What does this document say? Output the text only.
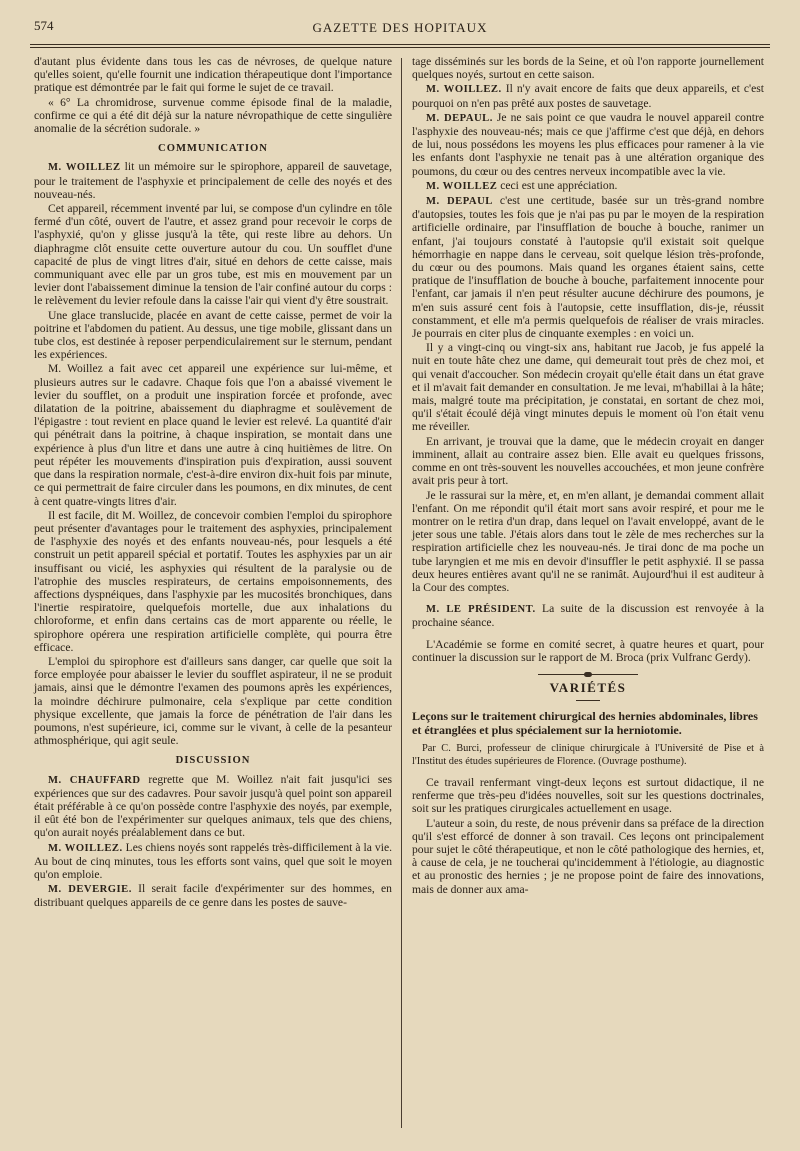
574	GAZETTE DES HOPITAUX

d'autant plus évidente dans tous les cas de névroses, de quelque nature qu'elles soient, qu'elle fournit une indication thérapeutique dont l'importance pratique est démontrée par le fait qui forme le sujet de ce travail.

« 6° La chromidrose, survenue comme épisode final de la maladie, confirme ce qui a été dit déjà sur la nature névropathique de cette singulière anomalie de la sécrétion sudorale. »

COMMUNICATION

M. WOILLEZ lit un mémoire sur le spirophore, appareil de sauvetage, pour le traitement de l'asphyxie et principalement de celle des noyés et des nouveau-nés.

Cet appareil, récemment inventé par lui, se compose d'un cylindre en tôle fermé d'un côté, ouvert de l'autre, et assez grand pour recevoir le corps de l'asphyxié, qu'on y glisse jusqu'à la tête, qui reste libre au dehors. Un diaphragme clôt ensuite cette ouverture autour du cou. Un soufflet d'une capacité de plus de vingt litres d'air, situé en dehors de cette caisse, mais communiquant avec elle par un gros tube, est mis en mouvement par un levier dont l'abaissement diminue la tension de l'air confiné autour du corps : le relèvement du levier refoule dans la caisse l'air qui vient d'y être soustrait.

Une glace translucide, placée en avant de cette caisse, permet de voir la poitrine et l'abdomen du patient. Au dessus, une tige mobile, glissant dans un tube clos, est destinée à reposer perpendiculairement sur le sternum, pendant les expériences.

M. Woillez a fait avec cet appareil une expérience sur lui-même, et plusieurs autres sur le cadavre. Chaque fois que l'on a abaissé vivement le levier du soufflet, on a produit une inspiration forcée et profonde, avec dilatation de la poitrine, abaissement du diaphragme et soulèvement de l'épigastre : tout revient en place quand le levier est relevé. La quantité d'air qui pénétrait dans la poitrine, à chaque inspiration, se montait dans une expérience à plus d'un litre et dans une autre à cinq huitièmes de litre. On peut répéter les mouvements d'inspiration puis d'expiration, aussi souvent que dans la respiration normale, c'est-à-dire environ dix-huit fois par minute, ce qui permettrait de faire circuler dans les poumons, en dix minutes, de cent à cent quatre-vingts litres d'air.

Il est facile, dit M. Woillez, de concevoir combien l'emploi du spirophore peut présenter d'avantages pour le traitement des asphyxies, principalement de l'asphyxie des noyés et des enfants nouveau-nés, pour lesquels a été construit un petit appareil spécial et portatif. Toutes les asphyxies par un air insuffisant ou vicié, les asphyxies qui résultent de la paralysie ou de l'atrophie des muscles respirateurs, de certains empoisonnements, des affections dyspnéiques, dans l'asphyxie par les mucosités bronchiques, dans l'inertie respiratoire, quelquefois mortelle, due aux inhalations du chloroforme, et enfin dans certains cas de mort apparente ou réelle, le spirophore opérera une respiration artificielle complète, qui pourra être efficace.

L'emploi du spirophore est d'ailleurs sans danger, car quelle que soit la force employée pour abaisser le levier du soufflet aspirateur, il ne se produit jamais, ainsi que le démontre l'examen des poumons après les expériences, la moindre déchirure pulmonaire, cela s'explique par cette condition physique excellente, que jamais la force de pénétration de l'air dans les poumons, n'est supérieure, ici, comme sur le vivant, à celle de la pesanteur athmosphérique, qui agit seule.

DISCUSSION

M. CHAUFFARD regrette que M. Woillez n'ait fait jusqu'ici ses expériences que sur des cadavres. Pour savoir jusqu'à quel point son appareil était préférable à ce qu'on possède contre l'asphyxie des noyés, par exemple, il eût été bon de l'expérimenter sur quelques animaux, tels que des chiens, qu'on aurait noyés préalablement dans ce but.

M. WOILLEZ. Les chiens noyés sont rappelés très-difficilement à la vie. Au bout de cinq minutes, tous les efforts sont vains, quel que soit le moyen qu'on emploie.

M. DEVERGIE. Il serait facile d'expérimenter sur des hommes, en distribuant quelques appareils de ce genre dans les postes de sauve-

tage disséminés sur les bords de la Seine, et où l'on rapporte journellement quelques noyés, surtout en cette saison.

M. WOILLEZ. Il n'y avait encore de faits que deux appareils, et c'est pourquoi on n'en pas prêté aux postes de sauvetage.

M. DEPAUL. Je ne sais point ce que vaudra le nouvel appareil contre l'asphyxie des nouveau-nés; mais ce que j'affirme c'est que déjà, en dehors de lui, nous possédons les moyens les plus efficaces pour ramener à la vie les enfants dont l'asphyxie ne tenait pas à une altération organique des poumons, du cœur ou des centres nerveux incompatible avec la vie.

M. WOILLEZ ceci est une appréciation.

M. DEPAUL c'est une certitude, basée sur un très-grand nombre d'autopsies, toutes les fois que je n'ai pas pu par le moyen de la respiration artificielle ordinaire, par l'insufflation de bouche à bouche, ranimer un enfant, j'ai toujours constaté à l'autopsie qu'il existait soit quelque hémorrhagie en nappe dans le cerveau, soit quelque lésion très-profonde, du cœur ou des poumons. Mais quand les organes étaient sains, cette pratique de l'insufflation de bouche à bouche, parfaitement innocente pour l'enfant, car jamais il n'en peut résulter aucune déchirure des poumons, je m'en suis assuré cent fois à l'autopsie, cette insufflation, dis-je, réussit constamment, et elle m'a permis quelquefois de réaliser de vrais miracles. Je pourrais en citer plus de cinquante exemples : en voici un.

Il y a vingt-cinq ou vingt-six ans, habitant rue Jacob, je fus appelé la nuit en toute hâte chez une dame, qui demeurait tout près de chez moi, et qui venait d'accoucher. Son médecin croyait qu'elle était dans un état grave et il m'avait fait demander en consultation. Je me levai, m'habillai à la hâte; mais, malgré toute ma précipitation, je constatai, en sortant de chez moi, qu'il s'était écoulé déjà vingt minutes depuis le moment où l'on était venu me réveiller.

En arrivant, je trouvai que la dame, que le médecin croyait en danger imminent, allait au contraire assez bien. Elle avait eu quelques frissons, comme en ont très-souvent les nouvelles accouchées, et mon jeune confrère avait pris peur à tort.

Je le rassurai sur la mère, et, en m'en allant, je demandai comment allait l'enfant. On me répondit qu'il était mort sans avoir respiré, et pour me le montrer on le retira d'un drap, dans lequel on l'avait enveloppé, avant de le jeter sous une table. J'étais alors dans tout le zèle de mes recherches sur la respiration artificielle chez les nouveau-nés. Je tirai donc de ma poche un tube laryngien et me mis en devoir d'insuffler le petit asphyxié. Il se passa deux heures entières avant qu'il ne se ranimât. Aujourd'hui il est auditeur à la Cour des comptes.

M. LE PRÉSIDENT. La suite de la discussion est renvoyée à la prochaine séance.

L'Académie se forme en comité secret, à quatre heures et quart, pour continuer la discussion sur le rapport de M. Broca (prix Vulfranc Gerdy).

VARIÉTÉS
Leçons sur le traitement chirurgical des hernies abdominales, libres et étranglées et plus spécialement sur la herniotomie.
Par C. Burci, professeur de clinique chirurgicale à l'Université de Pise et à l'Institut des études supérieures de Florence. (Ouvrage posthume).

Ce travail renfermant vingt-deux leçons est surtout didactique, il ne renferme que très-peu d'idées nouvelles, soit sur les questions doctrinales, soit sur les pratiques cirurgicales actuellement en usage.

L'auteur a soin, du reste, de nous prévenir dans sa préface de la direction qu'il s'est efforcé de donner à son travail. Ces leçons ont principalement pour sujet le côté thérapeutique, et non le côté pathologique des hernies, et, à cause de cela, je ne toucherai qu'incidemment à l'étiologie, au diagnostic et au pronostic des hernies ; je ne propose point de faire des innovations, mais de donner aux ama-
